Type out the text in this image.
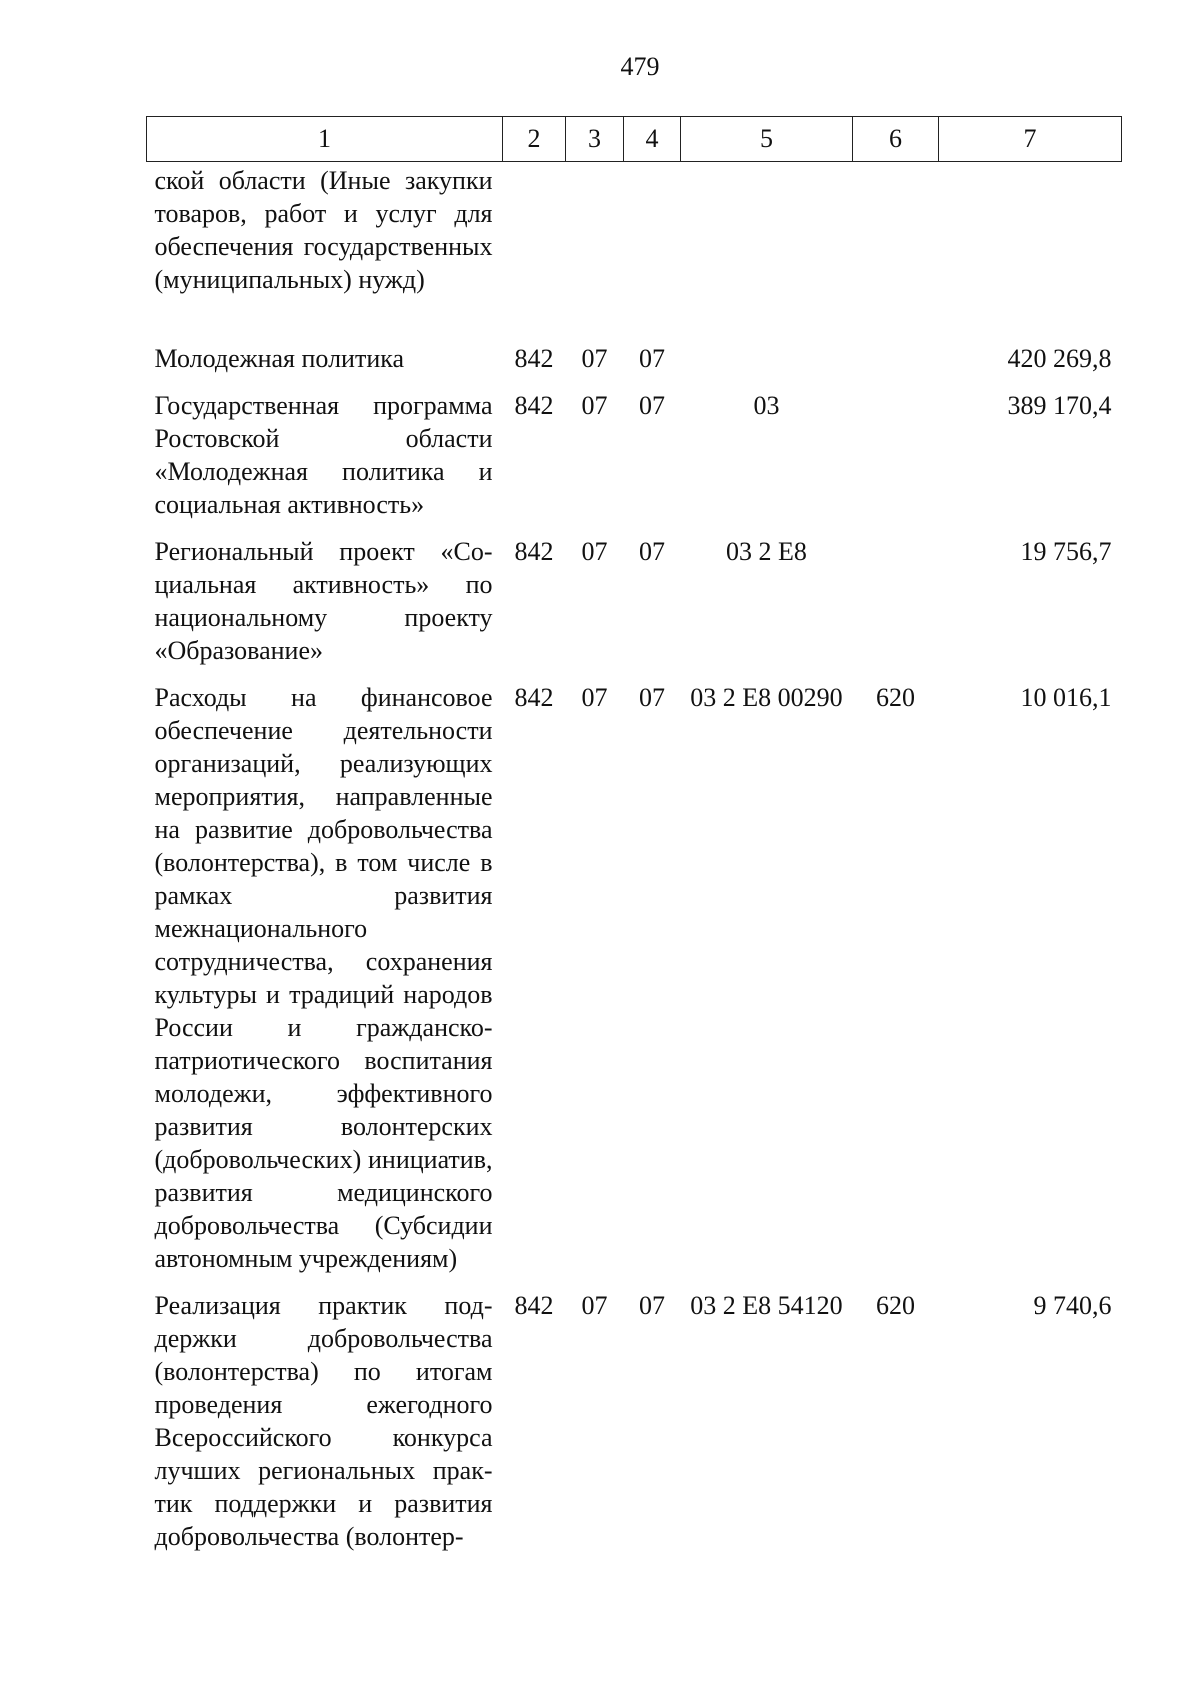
479
1	2	3	4	5	6	7
ской области (Иные закупки товаров, работ и услуг для обеспечения государственных (муниципальных) нужд)						
Молодежная политика	842	07	07			420 269,8
Государственная программа Ростовской области «Молодежная политика и социальная активность»	842	07	07	03		389 170,4
Региональный проект «Социальная активность» по национальному проекту «Образование»	842	07	07	03 2 E8		19 756,7
Расходы на финансовое обеспечение деятельности организаций, реализующих мероприятия, направленные на развитие добровольчества (волонтерства), в том числе в рамках развития межнационального сотрудничества, сохранения культуры и традиций народов России и гражданско- патриотического воспитания молодежи, эффективного развития волонтерских (добровольческих) инициатив, развития медицинского добровольчества (Субсидии автономным учреждениям)	842	07	07	03 2 E8 00290	620	10 016,1
Реализация практик поддержки добровольчества (волонтерства) по итогам проведения ежегодного Всероссийского конкурса лучших региональных практик поддержки и развития добровольчества (волонтер-	842	07	07	03 2 E8 54120	620	9 740,6
